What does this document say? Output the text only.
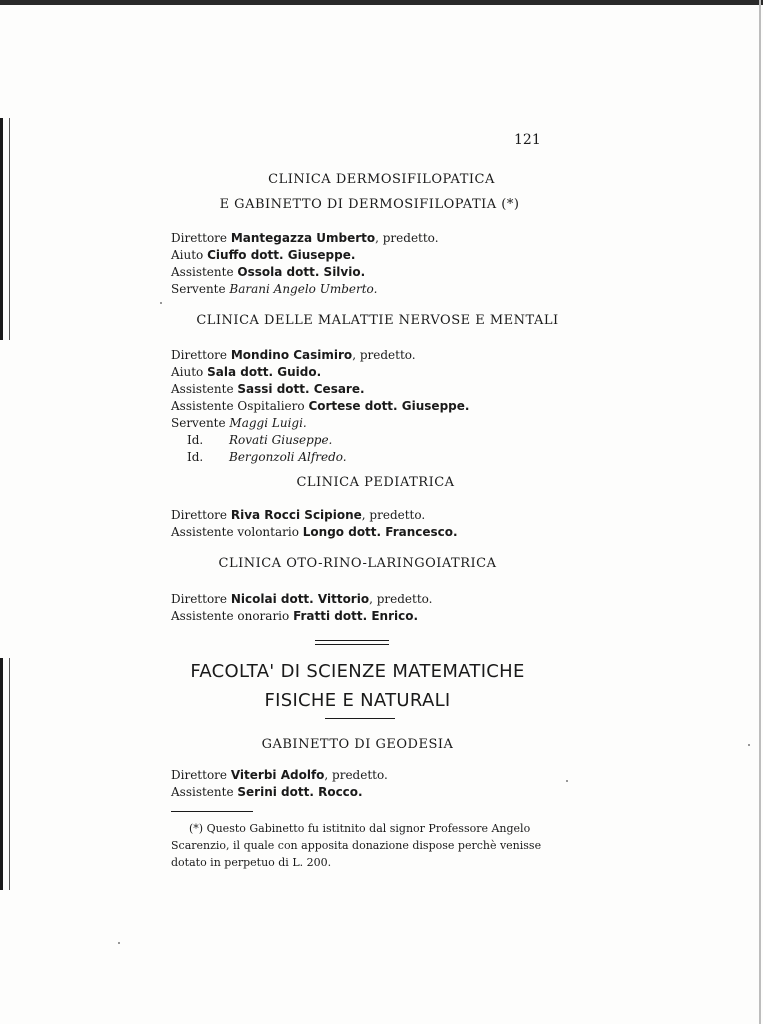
121
CLINICA DERMOSIFILOPATICA
E GABINETTO DI DERMOSIFILOPATIA (*)
Direttore Mantegazza Umberto, predetto.
Aiuto Ciuffo dott. Giuseppe.
Assistente Ossola dott. Silvio.
Servente Barani Angelo Umberto.
CLINICA DELLE MALATTIE NERVOSE E MENTALI
Direttore Mondino Casimiro, predetto.
Aiuto Sala dott. Guido.
Assistente Sassi dott. Cesare.
Assistente Ospitaliero Cortese dott. Giuseppe.
Servente Maggi Luigi.
Id. Rovati Giuseppe.
Id. Bergonzoli Alfredo.
CLINICA PEDIATRICA
Direttore Riva Rocci Scipione, predetto.
Assistente volontario Longo dott. Francesco.
CLINICA OTO-RINO-LARINGOIATRICA
Direttore Nicolai dott. Vittorio, predetto.
Assistente onorario Fratti dott. Enrico.
FACOLTA' DI SCIENZE MATEMATICHE
FISICHE E NATURALI
GABINETTO DI GEODESIA
Direttore Viterbi Adolfo, predetto.
Assistente Serini dott. Rocco.
(*) Questo Gabinetto fu istitnito dal signor Professore Angelo Scarenzio, il quale con apposita donazione dispose perchè venisse dotato in perpetuo di L. 200.
